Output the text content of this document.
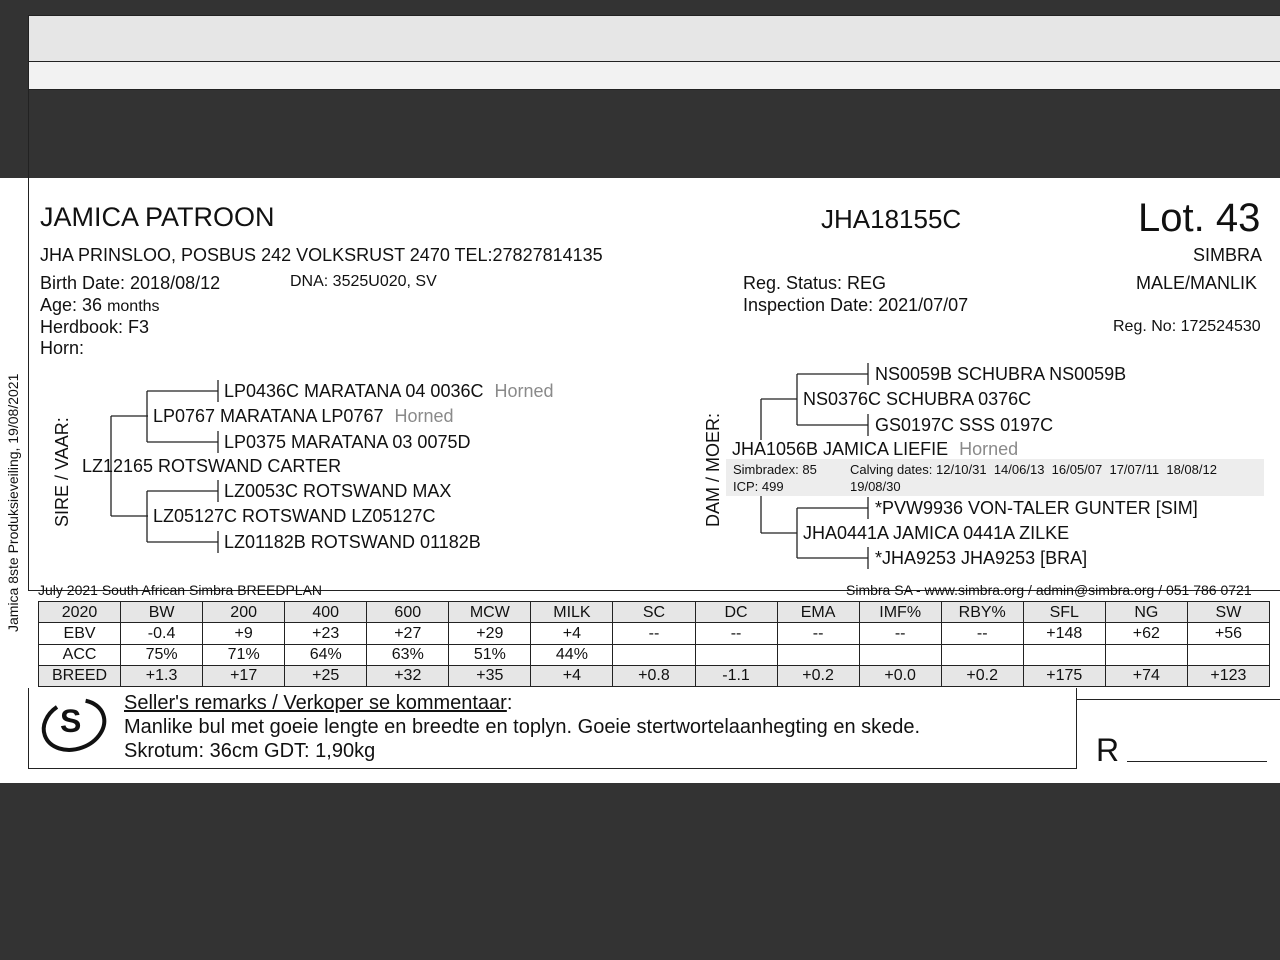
Jamica 8ste Produksieveiling, 19/08/2021
JAMICA PATROON	JHA18155C	Lot. 43
JHA PRINSLOO, POSBUS 242 VOLKSRUST 2470 TEL:27827814135	SIMBRA
Birth Date: 2018/08/12	DNA: 3525U020, SV
Age: 36 months
Herdbook: F3
Horn:
Reg. Status: REG
Inspection Date: 2021/07/07
MALE/MANLIK
Reg. No: 172524530
SIRE / VAAR:
LP0436C MARATANA 04 0036C Horned
LP0767 MARATANA LP0767 Horned
LP0375 MARATANA 03 0075D
LZ12165 ROTSWAND CARTER
LZ0053C ROTSWAND MAX
LZ05127C ROTSWAND LZ05127C
LZ01182B ROTSWAND 01182B
DAM / MOER:
NS0059B SCHUBRA NS0059B
NS0376C SCHUBRA 0376C
GS0197C SSS 0197C
JHA1056B JAMICA LIEFIE Horned
Simbradex: 85
ICP: 499
Calving dates: 12/10/31  14/06/13  16/05/07  17/07/11  18/08/12
19/08/30
*PVW9936 VON-TALER GUNTER [SIM]
JHA0441A JAMICA 0441A ZILKE
*JHA9253 JHA9253 [BRA]
July 2021 South African Simbra BREEDPLAN	Simbra SA - www.simbra.org / admin@simbra.org / 051 786 0721
2020	BW	200	400	600	MCW	MILK	SC	DC	EMA	IMF%	RBY%	SFL	NG	SW
EBV	-0.4	+9	+23	+27	+29	+4	--	--	--	--	--	+148	+62	+56
ACC	75%	71%	64%	63%	51%	44%								
BREED	+1.3	+17	+25	+32	+35	+4	+0.8	-1.1	+0.2	+0.0	+0.2	+175	+74	+123
S Seller's remarks / Verkoper se kommentaar:
Manlike bul met goeie lengte en breedte en toplyn. Goeie stertwortelaanhegting en skede.
Skrotum: 36cm GDT: 1,90kg	R
